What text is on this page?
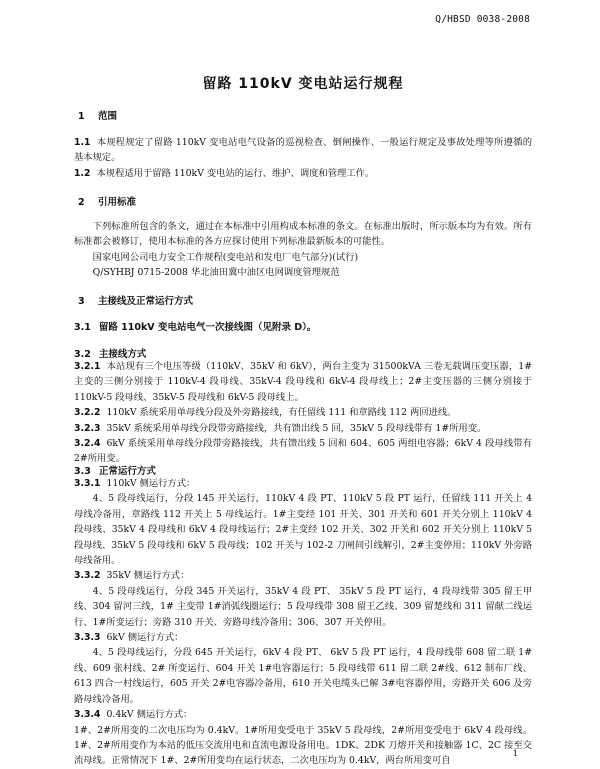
Q/HBSD 0038-2008
留路 110kV 变电站运行规程
1 范围

1.1 本规程规定了留路 110kV 变电站电气设备的巡视检查、倒闸操作、一般运行规定及事故处理等所遵循的基本规定。

1.2 本规程适用于留路 110kV 变电站的运行、维护、调度和管理工作。

2 引用标准

下列标准所包含的条文，通过在本标准中引用构成本标准的条文。在标准出版时，所示版本均为有效。所有标准都会被修订，使用本标准的各方应探讨使用下列标准最新版本的可能性。

国家电网公司电力安全工作规程(变电站和发电厂电气部分)(试行)

Q/SYHBJ 0715-2008 华北油田冀中油区电网调度管理规范

3 主接线及正常运行方式
3.1 留路 110kV 变电站电气一次接线图（见附录 D）。
3.2 主接线方式

3.2.1 本站现有三个电压等级（110kV、35kV 和 6kV），两台主变为 31500kVA 三卷无载调压变压器，1#主变的三侧分别接于 110kV-4 段母线、35kV-4 段母线和 6kV-4 段母线上；2#主变压器的三侧分别接于 110kV-5 段母线、35kV-5 段母线和 6kV-5 段母线上。

3.2.2 110kV 系统采用单母线分段及外旁路接线，有任留线 111 和章路线 112 两回进线。

3.2.3 35kV 系统采用单母线分段带旁路接线，共有馈出线 5 回，35kV 5 段母线带有 1#所用变。

3.2.4 6kV 系统采用单母线分段带旁路接线，共有馈出线 5 回和 604、605 两组电容器；6kV 4 段母线带有 2#所用变。

3.3 正常运行方式

3.3.1 110kV 侧运行方式：

4、5 段母线运行，分段 145 开关运行，110kV 4 段 PT、110kV 5 段 PT 运行，任留线 111 开关上 4 母线冷备用，章路线 112 开关上 5 母线运行。1#主变经 101 开关、301 开关和 601 开关分别上 110kV 4 段母线、35kV 4 段母线和 6kV 4 段母线运行；2#主变经 102 开关、302 开关和 602 开关分别上 110kV 5 段母线、35kV 5 段母线和 6kV 5 段母线；102 开关与 102-2 刀闸间引线解引，2#主变停用；110kV 外旁路母线备用。

3.3.2 35kV 侧运行方式：

4、5 段母线运行，分段 345 开关运行，35kV 4 段 PT、 35kV 5 段 PT 运行，4 段母线带 305 留王甲线、304 留河三线，1# 主变带 1#消弧线圈运行；5 段母线带 308 留王乙线、309 留楚线和 311 留献二线运行、1#所变运行；旁路 310 开关、旁路母线冷备用；306、307 开关停用。

3.3.3 6kV 侧运行方式：

4、5 段母线运行，分段 645 开关运行，6kV 4 段 PT、 6kV 5 段 PT 运行，4 段母线带 608 留二联 1#线、609 张村线、2# 所变运行、604 开关 1#电容器运行；5 段母线带 611 留二联 2#线、612 制布厂线、613 四合一村线运行，605 开关 2#电容器冷备用，610 开关电缆头已解 3#电容器停用，旁路开关 606 及旁路母线冷备用。

3.3.4 0.4kV 侧运行方式：

1#、2#所用变的二次电压均为 0.4kV。1#所用变受电于 35kV 5 段母线，2#所用变受电于 6kV 4 段母线。1#、2#所用变作为本站的低压交流用电和直流电源设备用电。1DK、2DK 刀熔开关和接触器 1C、2C 接至交流母线。正常情况下 1#、2#所用变均在运行状态，二次电压均为 0.4kV，两台所用变可自

1
